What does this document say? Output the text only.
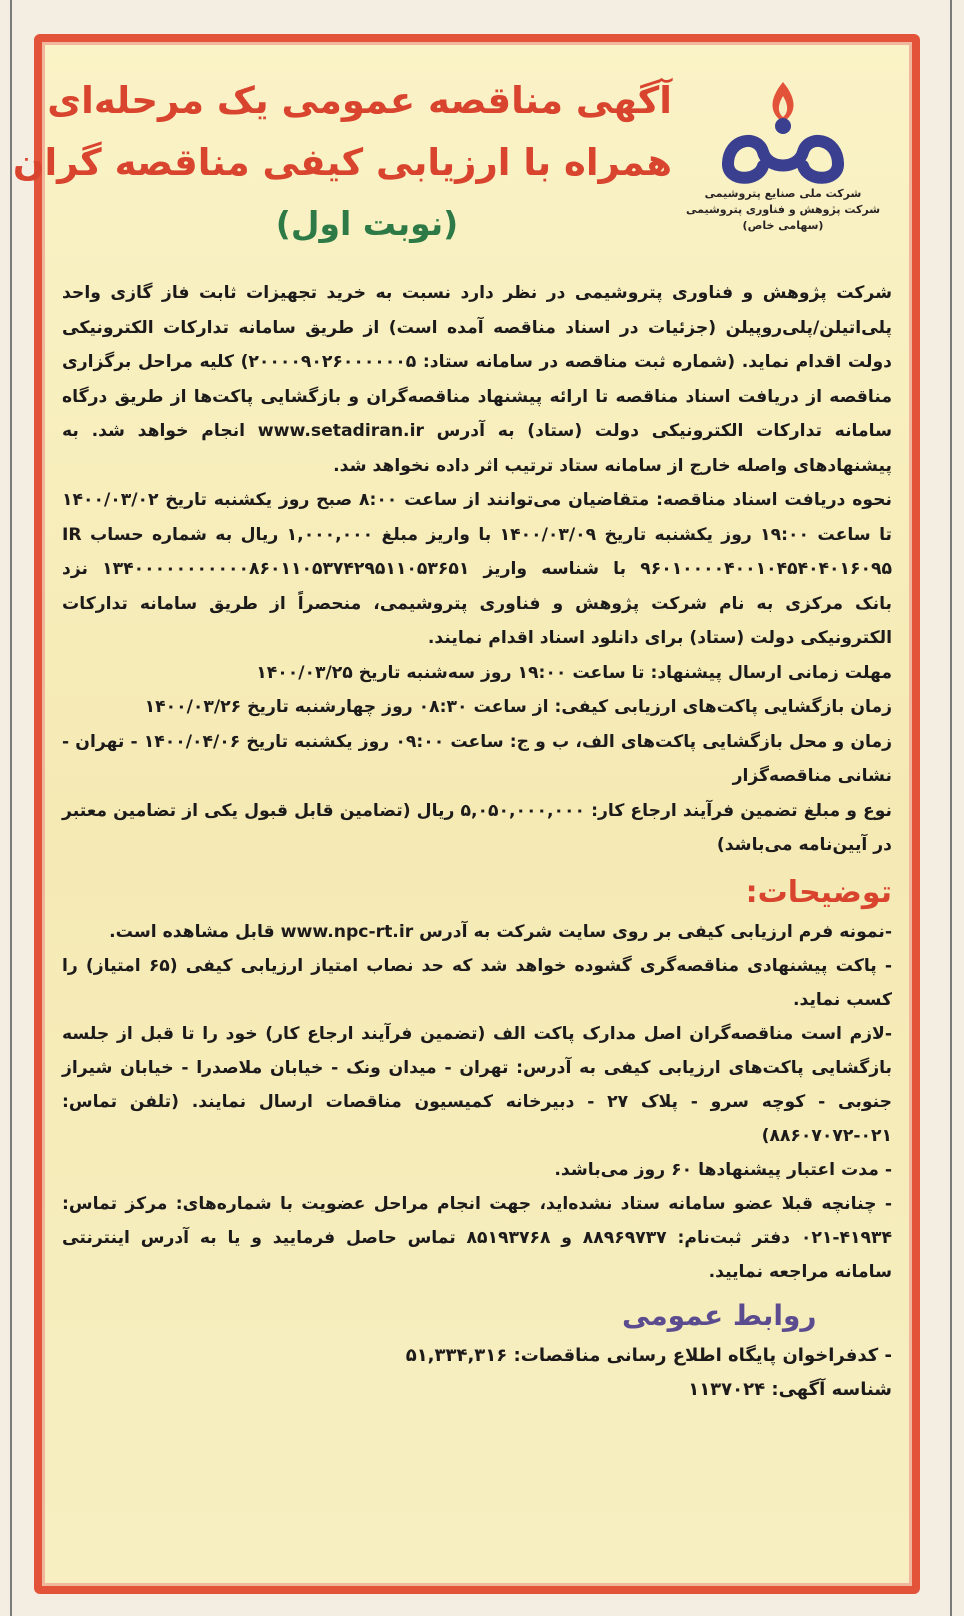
شرکت ملی صنایع پتروشیمی
شرکت پژوهش و فناوری پتروشیمی
(سهامی خاص)
آگهی مناقصه عمومی یک مرحله‌ای
همراه با ارزیابی کیفی مناقصه گران
(نوبت اول)

شرکت پژوهش و فناوری پتروشیمی در نظر دارد نسبت به خرید تجهیزات ثابت فاز گازی واحد پلی‌اتیلن/پلی‌روپیلن (جزئیات در اسناد مناقصه آمده است) از طریق سامانه تدارکات الکترونیکی دولت اقدام نماید. (شماره ثبت مناقصه در سامانه ستاد: ۲۰۰۰۰۹۰۲۶۰۰۰۰۰۰۵) کلیه مراحل برگزاری مناقصه از دریافت اسناد مناقصه تا ارائه پیشنهاد مناقصه‌گران و بازگشایی پاکت‌ها از طریق درگاه سامانه تدارکات الکترونیکی دولت (ستاد) به آدرس www.setadiran.ir انجام خواهد شد. به پیشنهادهای واصله خارج از سامانه ستاد ترتیب اثر داده نخواهد شد.

نحوه دریافت اسناد مناقصه: متقاضیان می‌توانند از ساعت ۸:۰۰ صبح روز یکشنبه تاریخ ۱۴۰۰/۰۳/۰۲ تا ساعت ۱۹:۰۰ روز یکشنبه تاریخ ۱۴۰۰/۰۳/۰۹ با واریز مبلغ ۱,۰۰۰,۰۰۰ ریال به شماره حساب IR ۹۶۰۱۰۰۰۰۴۰۰۱۰۴۵۴۰۴۰۱۶۰۹۵ با شناسه واریز ۱۳۴۰۰۰۰۰۰۰۰۰۰۰۸۶۰۱۱۰۵۳۷۴۲۹۵۱۱۰۵۳۶۵۱ نزد بانک مرکزی به نام شرکت پژوهش و فناوری پتروشیمی، منحصراً از طریق سامانه تدارکات الکترونیکی دولت (ستاد) برای دانلود اسناد اقدام نمایند.

مهلت زمانی ارسال پیشنهاد: تا ساعت ۱۹:۰۰ روز سه‌شنبه تاریخ ۱۴۰۰/۰۳/۲۵

زمان بازگشایی پاکت‌های ارزیابی کیفی: از ساعت ۰۸:۳۰ روز چهارشنبه تاریخ ۱۴۰۰/۰۳/۲۶

زمان و محل بازگشایی پاکت‌های الف، ب و ج: ساعت ۰۹:۰۰ روز یکشنبه تاریخ ۱۴۰۰/۰۴/۰۶ - تهران - نشانی مناقصه‌گزار

نوع و مبلغ تضمین فرآیند ارجاع کار: ۵,۰۵۰,۰۰۰,۰۰۰ ریال (تضامین قابل قبول یکی از تضامین معتبر در آیین‌نامه می‌باشد)

توضیحات:

-نمونه فرم ارزیابی کیفی بر روی سایت شرکت به آدرس www.npc-rt.ir قابل مشاهده است.

- پاکت پیشنهادی مناقصه‌گری گشوده خواهد شد که حد نصاب امتیاز ارزیابی کیفی (۶۵ امتیاز) را کسب نماید.

-لازم است مناقصه‌گران اصل مدارک پاکت الف (تضمین فرآیند ارجاع کار) خود را تا قبل از جلسه بازگشایی پاکت‌های ارزیابی کیفی به آدرس: تهران - میدان ونک - خیابان ملاصدرا - خیابان شیراز جنوبی - کوچه سرو - پلاک ۲۷ - دبیرخانه کمیسیون مناقصات ارسال نمایند. (تلفن تماس: ۰۲۱-۸۸۶۰۷۰۷۲)

- مدت اعتبار پیشنهادها ۶۰ روز می‌باشد.

- چنانچه قبلا عضو سامانه ستاد نشده‌اید، جهت انجام مراحل عضویت با شماره‌های: مرکز تماس: ۴۱۹۳۴-۰۲۱ دفتر ثبت‌نام: ۸۸۹۶۹۷۳۷ و ۸۵۱۹۳۷۶۸ تماس حاصل فرمایید و یا به آدرس اینترنتی سامانه مراجعه نمایید.

روابط عمومی
- کدفراخوان پایگاه اطلاع رسانی مناقصات: ۵۱,۳۳۴,۳۱۶
شناسه آگهی: ۱۱۳۷۰۲۴
